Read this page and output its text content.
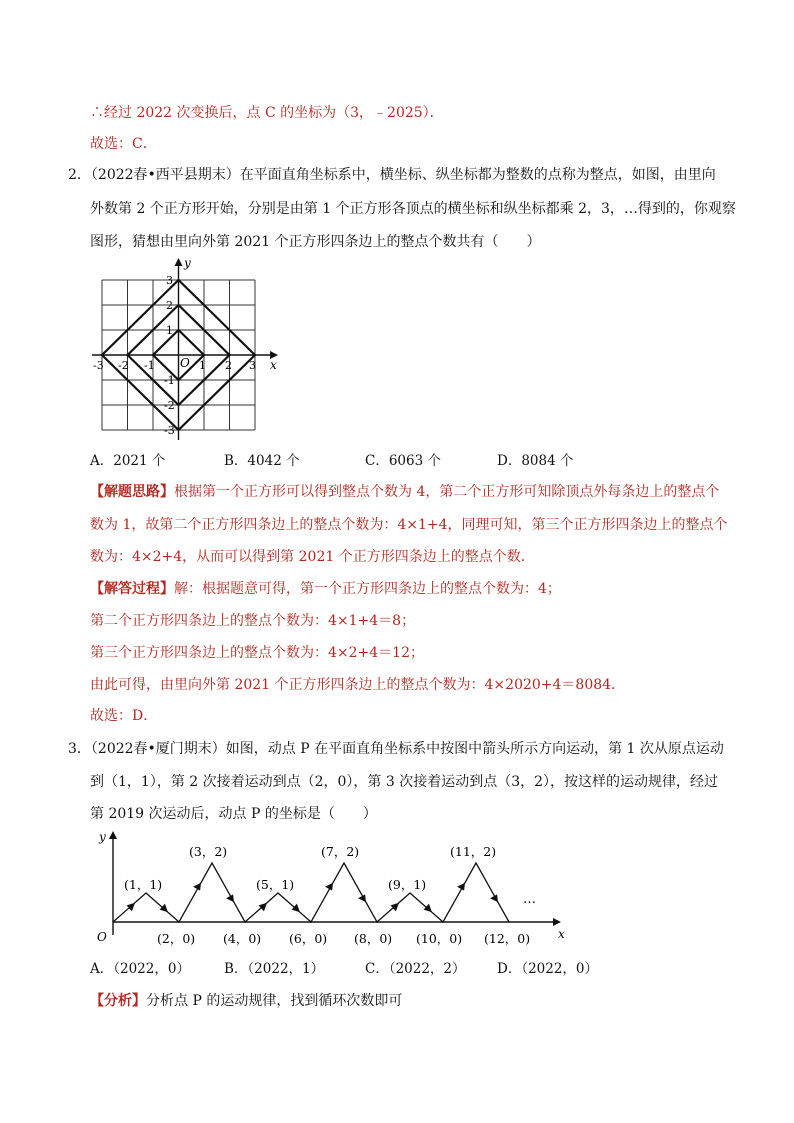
∴经过 2022 次变换后，点 C 的坐标为（3，﹣2025）．
故选：C．
2．（2022春•西平县期末）在平面直角坐标系中，横坐标、纵坐标都为整数的点称为整点，如图，由里向
外数第 2 个正方形开始，分别是由第 1 个正方形各顶点的横坐标和纵坐标都乘 2，3，…得到的，你观察
图形，猜想由里向外第 2021 个正方形四条边上的整点个数共有（　　）
x
y
O
-3 -2 -1	1 2 3
3
2
1
-1
-2
-3
A．2021 个	B．4042 个	C．6063 个	D．8084 个
【解题思路】根据第一个正方形可以得到整点个数为 4，第二个正方形可知除顶点外每条边上的整点个
数为 1，故第二个正方形四条边上的整点个数为：4×1+4，同理可知，第三个正方形四条边上的整点个
数为：4×2+4，从而可以得到第 2021 个正方形四条边上的整点个数．
【解答过程】解：根据题意可得，第一个正方形四条边上的整点个数为：4；
第二个正方形四条边上的整点个数为：4×1+4＝8；
第三个正方形四条边上的整点个数为：4×2+4＝12；
由此可得，由里向外第 2021 个正方形四条边上的整点个数为：4×2020+4＝8084．
故选：D．
3．（2022春•厦门期末）如图，动点 P 在平面直角坐标系中按图中箭头所示方向运动，第 1 次从原点运动
到（1，1），第 2 次接着运动到点（2，0），第 3 次接着运动到点（3，2），按这样的运动规律，经过
第 2019 次运动后，动点 P 的坐标是（　　）
x
y
O
(1，1)
(3，2)
(5，1)
(7，2)
(9，1)
(11，2)
(2，0) (4，0) (6，0) (8，0) (10，0) (12，0)
…
A．（2022，0）	B．（2022，1）	C．（2022，2） D．（2022，0）
【分析】分析点 P 的运动规律，找到循环次数即可
